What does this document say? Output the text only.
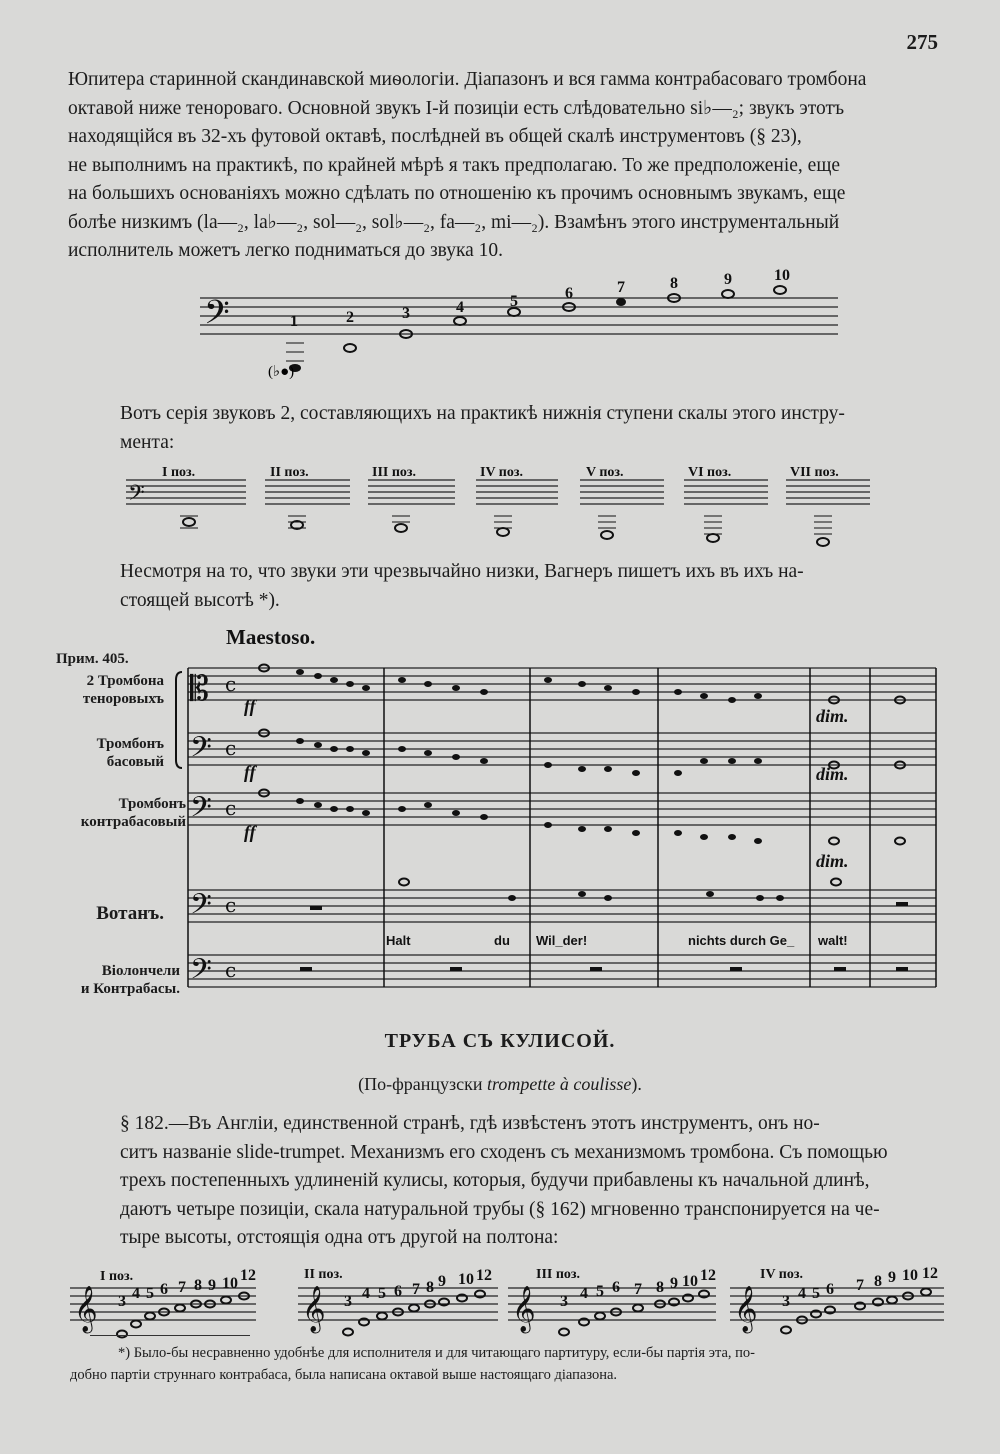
275

Юпитера старинной скандинавской миѳологіи. Діапазонъ и вся гамма контрабасоваго тромбона
октавой ниже тенороваго. Основной звукъ I-й позиціи есть слѣдовательно si♭—₂; звукъ этотъ
находящійся въ 32-хъ футовой октавѣ, послѣдней въ общей скалѣ инструментовъ (§ 23),
не выполнимъ на практикѣ, по крайней мѣрѣ я такъ предполагаю. То же предположеніе, еще
на большихъ основаніяхъ можно сдѣлать по отношенію къ прочимъ основнымъ звукамъ, еще
болѣе низкимъ (la—₂, la♭—₂, sol—₂, sol♭—₂, fa—₂, mi—₂). Взамѣнъ этого инструментальный
исполнитель можетъ легко подниматься до звука 10.

𝄢	1	2	3	4	5	6	7	8	9	10
(♭●)

Вотъ серія звуковъ 2, составляющихъ на практикѣ нижнія ступени скалы этого инстру-
мента:

𝄢
I поз.	II поз.	III поз.	IV поз.	V поз.	VI поз.	VII поз.

Несмотря на то, что звуки эти чрезвычайно низки, Вагнеръ пишетъ ихъ въ ихъ на-
стоящей высотѣ *).

Прим. 405.
2 Тромбона
теноровыхъ
Тромбонъ
басовый
Тромбонъ
контрабасовый
Вотанъ.
Віолончели
и Контрабасы.
Maestoso.
𝄡
𝄢
𝄢
𝄢
𝄢
c
c
c
c
c
ff
ff
ff
dim.
dim.
dim.
Halt	du Wil_der!	nichts durch Ge_ walt!
ТРУБА СЪ КУЛИСОЙ.
(По-французски trompette à coulisse).

§ 182.—Въ Англіи, единственной странѣ, гдѣ извѣстенъ этотъ инструментъ, онъ но-
ситъ названіе slide-trumpet. Механизмъ его сходенъ съ механизмомъ тромбона. Съ помощью
трехъ постепенныхъ удлиненій кулисы, которыя, будучи прибавлены къ начальной длинѣ,
даютъ четыре позиціи, скала натуральной трубы (§ 162) мгновенно транспонируется на че-
тыре высоты, отстоящія одна отъ другой на полтона:

𝄞	𝄞	𝄞	𝄞
I поз.	II поз.	III поз.	IV поз.
3 4 5 6 7 8 9 10 12
3 4 5 6 7 8 9 10 12
3 4 5 6 7 8 9 10 12
3 4 5 6 7 8 9 10 12
*) Было-бы несравненно удобнѣе для исполнителя и для читающаго партитуру, если-бы партія эта, по-
добно партіи струннаго контрабаса, была написана октавой выше настоящаго діапазона.
